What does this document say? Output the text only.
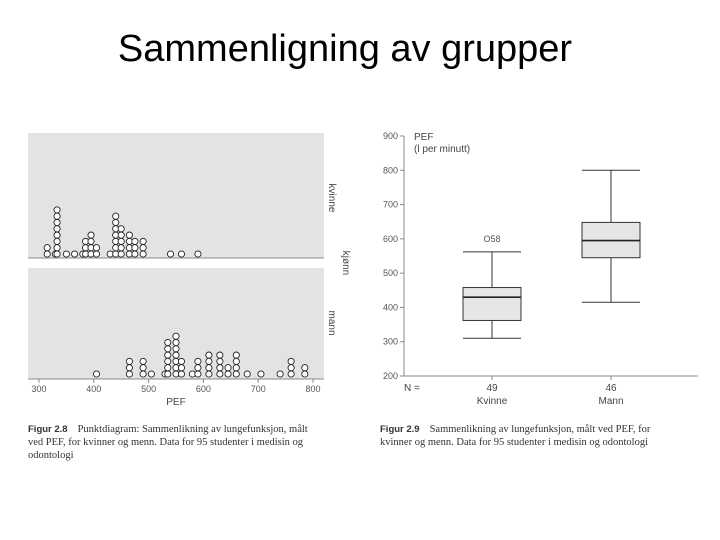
Sammenligning av grupper
kvinne
mann
kjønn
300	400	500	600	700	800
PEF
Figur 2.8 Punktdiagram: Sammenlikning av lungefunksjon, målt
ved PEF, for kvinner og menn. Data for 95 studenter i medisin og
odontologi
200
300
400
500
600
700
800
900 PEF
(l per minutt)
N =
O58
49
Kvinne
46
Mann
Figur 2.9 Sammenlikning av lungefunksjon, målt ved PEF, for
kvinner og menn. Data for 95 studenter i medisin og odontologi
